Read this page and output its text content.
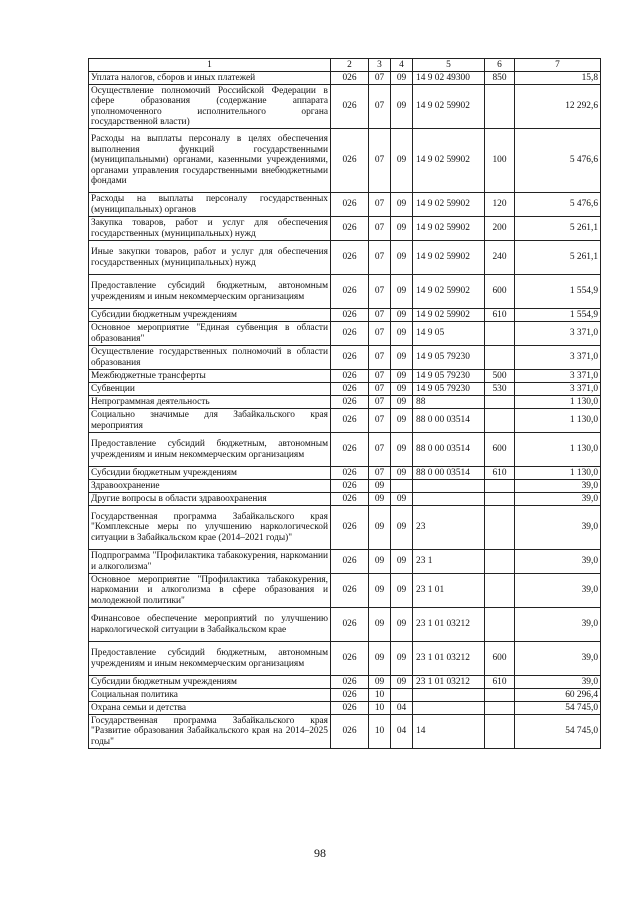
1	2	3	4	5	6	7
Уплата налогов, сборов и иных платежей	026	07	09	14 9 02 49300	850	15,8
Осуществление полномочий Российской Федерации в сфере образования (содержание аппарата уполномоченного исполнительного органа государственной власти)	026	07	09	14 9 02 59902		12 292,6
Расходы на выплаты персоналу в целях обеспечения выполнения функций государственными (муниципальными) органами, казенными учреждениями, органами управления государственными внебюджетными фондами	026	07	09	14 9 02 59902	100	5 476,6
Расходы на выплаты персоналу государственных (муниципальных) органов	026	07	09	14 9 02 59902	120	5 476,6
Закупка товаров, работ и услуг для обеспечения государственных (муниципальных) нужд	026	07	09	14 9 02 59902	200	5 261,1
Иные закупки товаров, работ и услуг для обеспечения государственных (муниципальных) нужд	026	07	09	14 9 02 59902	240	5 261,1
Предоставление субсидий бюджетным, автономным учреждениям и иным некоммерческим организациям	026	07	09	14 9 02 59902	600	1 554,9
Субсидии бюджетным учреждениям	026	07	09	14 9 02 59902	610	1 554,9
Основное мероприятие "Единая субвенция в области образования"	026	07	09	14 9 05		3 371,0
Осуществление государственных полномочий в области образования	026	07	09	14 9 05 79230		3 371,0
Межбюджетные трансферты	026	07	09	14 9 05 79230	500	3 371,0
Субвенции	026	07	09	14 9 05 79230	530	3 371,0
Непрограммная деятельность	026	07	09	88		1 130,0
Социально значимые для Забайкальского края мероприятия	026	07	09	88 0 00 03514		1 130,0
Предоставление субсидий бюджетным, автономным учреждениям и иным некоммерческим организациям	026	07	09	88 0 00 03514	600	1 130,0
Субсидии бюджетным учреждениям	026	07	09	88 0 00 03514	610	1 130,0
Здравоохранение	026	09				39,0
Другие вопросы в области здравоохранения	026	09	09			39,0
Государственная программа Забайкальского края "Комплексные меры по улучшению наркологической ситуации в Забайкальском крае (2014–2021 годы)"	026	09	09	23		39,0
Подпрограмма "Профилактика табакокурения, наркомании и алкоголизма"	026	09	09	23 1		39,0
Основное мероприятие "Профилактика табакокурения, наркомании и алкоголизма в сфере образования и молодежной политики"	026	09	09	23 1 01		39,0
Финансовое обеспечение мероприятий по улучшению наркологической ситуации в Забайкальском крае	026	09	09	23 1 01 03212		39,0
Предоставление субсидий бюджетным, автономным учреждениям и иным некоммерческим организациям	026	09	09	23 1 01 03212	600	39,0
Субсидии бюджетным учреждениям	026	09	09	23 1 01 03212	610	39,0
Социальная политика	026	10				60 296,4
Охрана семьи и детства	026	10	04			54 745,0
Государственная программа Забайкальского края "Развитие образования Забайкальского края на 2014–2025 годы"	026	10	04	14		54 745,0
98
